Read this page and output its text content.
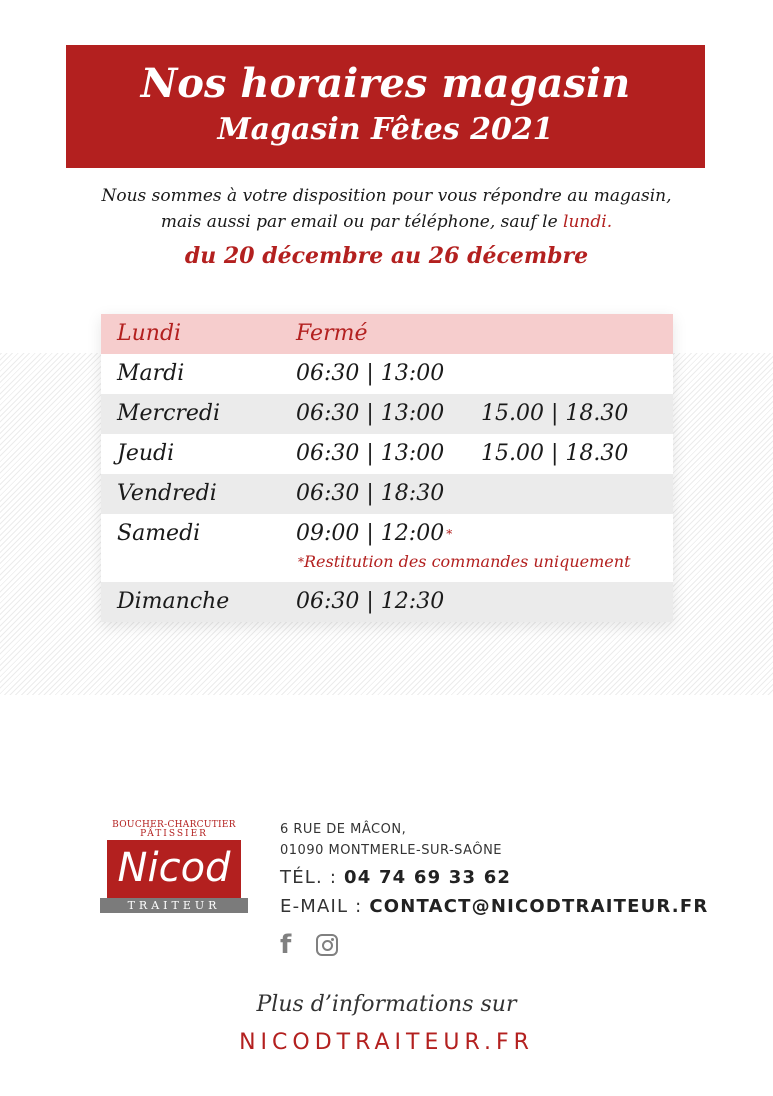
Nos horaires magasin
Magasin Fêtes 2021
Nous sommes à votre disposition pour vous répondre au magasin,
mais aussi par email ou par téléphone, sauf le lundi.
du 20 décembre au 26 décembre
Lundi	Fermé
Mardi	06:30 | 13:00
Mercredi	06:30 | 13:00 15.00 | 18.30
Jeudi	06:30 | 13:00 15.00 | 18.30
Vendredi	06:30 | 18:30
Samedi	09:00 | 12:00 *
*Restitution des commandes uniquement
Dimanche	06:30 | 12:30
BOUCHER-CHARCUTIER
PÂTISSIER
Nicod
TRAITEUR
6 RUE DE MÂCON,
01090 MONTMERLE-SUR-SAÔNE
TÉL. : 04 74 69 33 62
E-MAIL : CONTACT@NICODTRAITEUR.FR
f
Plus d’informations sur
NICODTRAITEUR.FR
